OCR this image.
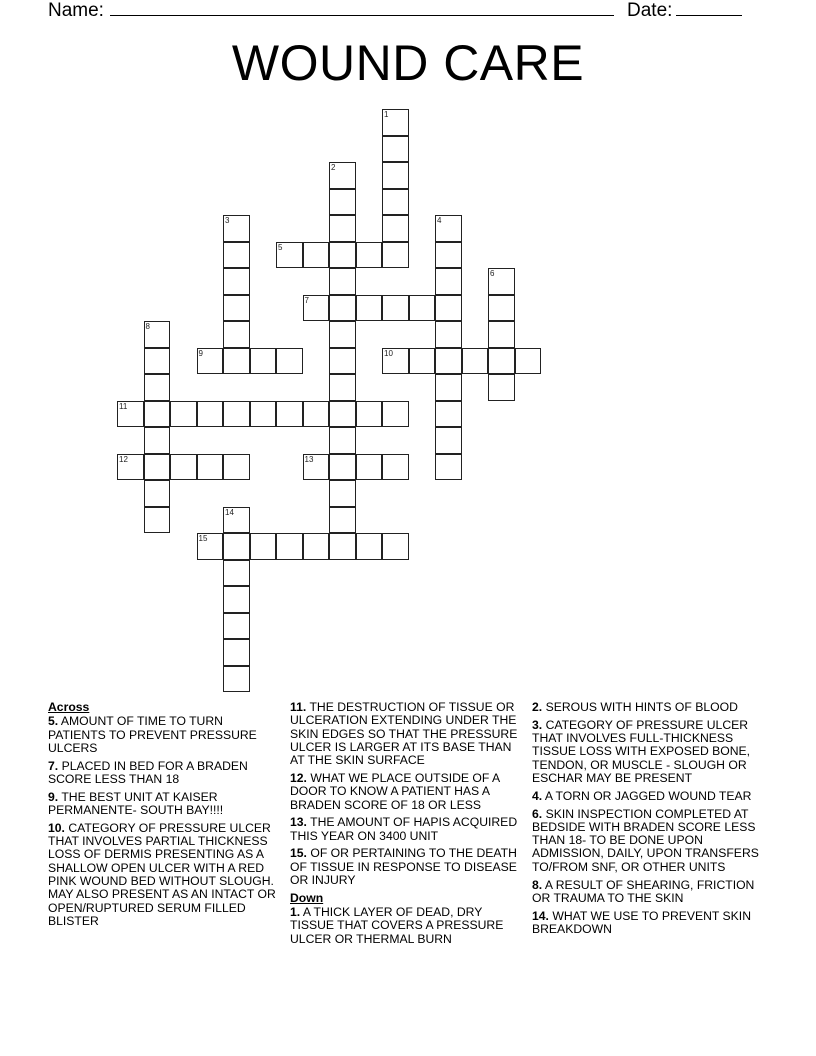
Name:	Date:
WOUND CARE
1
2
3	4
5
6
7
8
9	10
11
12	13
14
15
Across
5. AMOUNT OF TIME TO TURN PATIENTS TO PREVENT PRESSURE ULCERS
7. PLACED IN BED FOR A BRADEN SCORE LESS THAN 18
9. THE BEST UNIT AT KAISER PERMANENTE- SOUTH BAY!!!!
10. CATEGORY OF PRESSURE ULCER THAT INVOLVES PARTIAL THICKNESS LOSS OF DERMIS PRESENTING AS A SHALLOW OPEN ULCER WITH A RED PINK WOUND BED WITHOUT SLOUGH. MAY ALSO PRESENT AS AN INTACT OR OPEN/RUPTURED SERUM FILLED BLISTER
11. THE DESTRUCTION OF TISSUE OR ULCERATION EXTENDING UNDER THE SKIN EDGES SO THAT THE PRESSURE ULCER IS LARGER AT ITS BASE THAN AT THE SKIN SURFACE
12. WHAT WE PLACE OUTSIDE OF A DOOR TO KNOW A PATIENT HAS A BRADEN SCORE OF 18 OR LESS
13. THE AMOUNT OF HAPIS ACQUIRED THIS YEAR ON 3400 UNIT
15. OF OR PERTAINING TO THE DEATH OF TISSUE IN RESPONSE TO DISEASE OR INJURY
Down
1. A THICK LAYER OF DEAD, DRY TISSUE THAT COVERS A PRESSURE ULCER OR THERMAL BURN
2. SEROUS WITH HINTS OF BLOOD
3. CATEGORY OF PRESSURE ULCER THAT INVOLVES FULL-THICKNESS TISSUE LOSS WITH EXPOSED BONE, TENDON, OR MUSCLE - SLOUGH OR ESCHAR MAY BE PRESENT
4. A TORN OR JAGGED WOUND TEAR
6. SKIN INSPECTION COMPLETED AT BEDSIDE WITH BRADEN SCORE LESS THAN 18- TO BE DONE UPON ADMISSION, DAILY, UPON TRANSFERS TO/FROM SNF, OR OTHER UNITS
8. A RESULT OF SHEARING, FRICTION OR TRAUMA TO THE SKIN
14. WHAT WE USE TO PREVENT SKIN BREAKDOWN
